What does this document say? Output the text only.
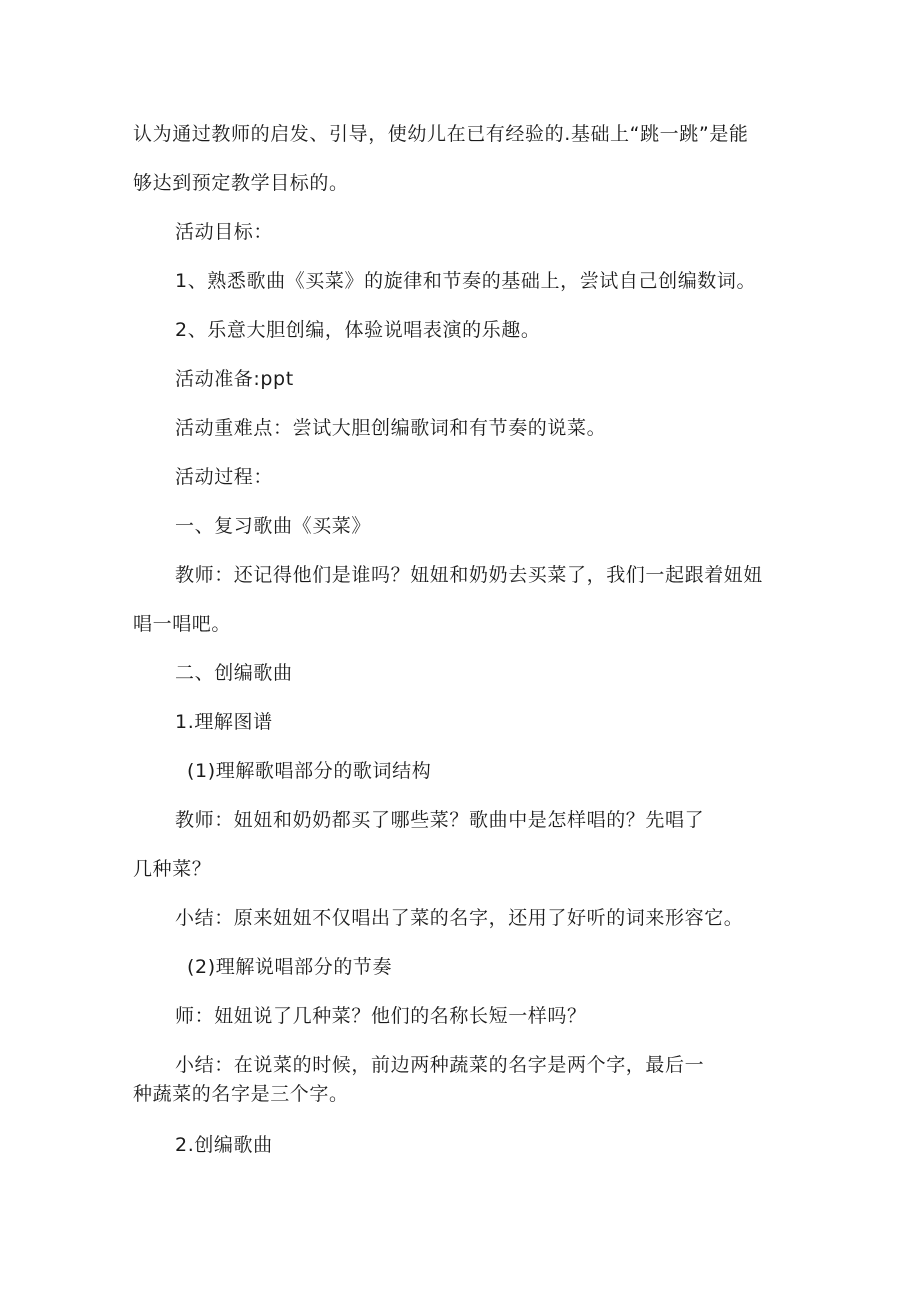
认为通过教师的启发、引导，使幼儿在已有经验的.基础上“跳一跳”是能
够达到预定教学目标的。
活动目标：
1、熟悉歌曲《买菜》的旋律和节奏的基础上，尝试自己创编数词。
2、乐意大胆创编，体验说唱表演的乐趣。
活动准备:ppt
活动重难点：尝试大胆创编歌词和有节奏的说菜。
活动过程：
一、复习歌曲《买菜》
教师：还记得他们是谁吗？妞妞和奶奶去买菜了，我们一起跟着妞妞
唱一唱吧。
二、创编歌曲
1.理解图谱
(1)理解歌唱部分的歌词结构
教师：妞妞和奶奶都买了哪些菜？歌曲中是怎样唱的？先唱了
几种菜？
小结：原来妞妞不仅唱出了菜的名字，还用了好听的词来形容它。
(2)理解说唱部分的节奏
师：妞妞说了几种菜？他们的名称长短一样吗？
小结：在说菜的时候，前边两种蔬菜的名字是两个字，最后一
种蔬菜的名字是三个字。
2.创编歌曲
